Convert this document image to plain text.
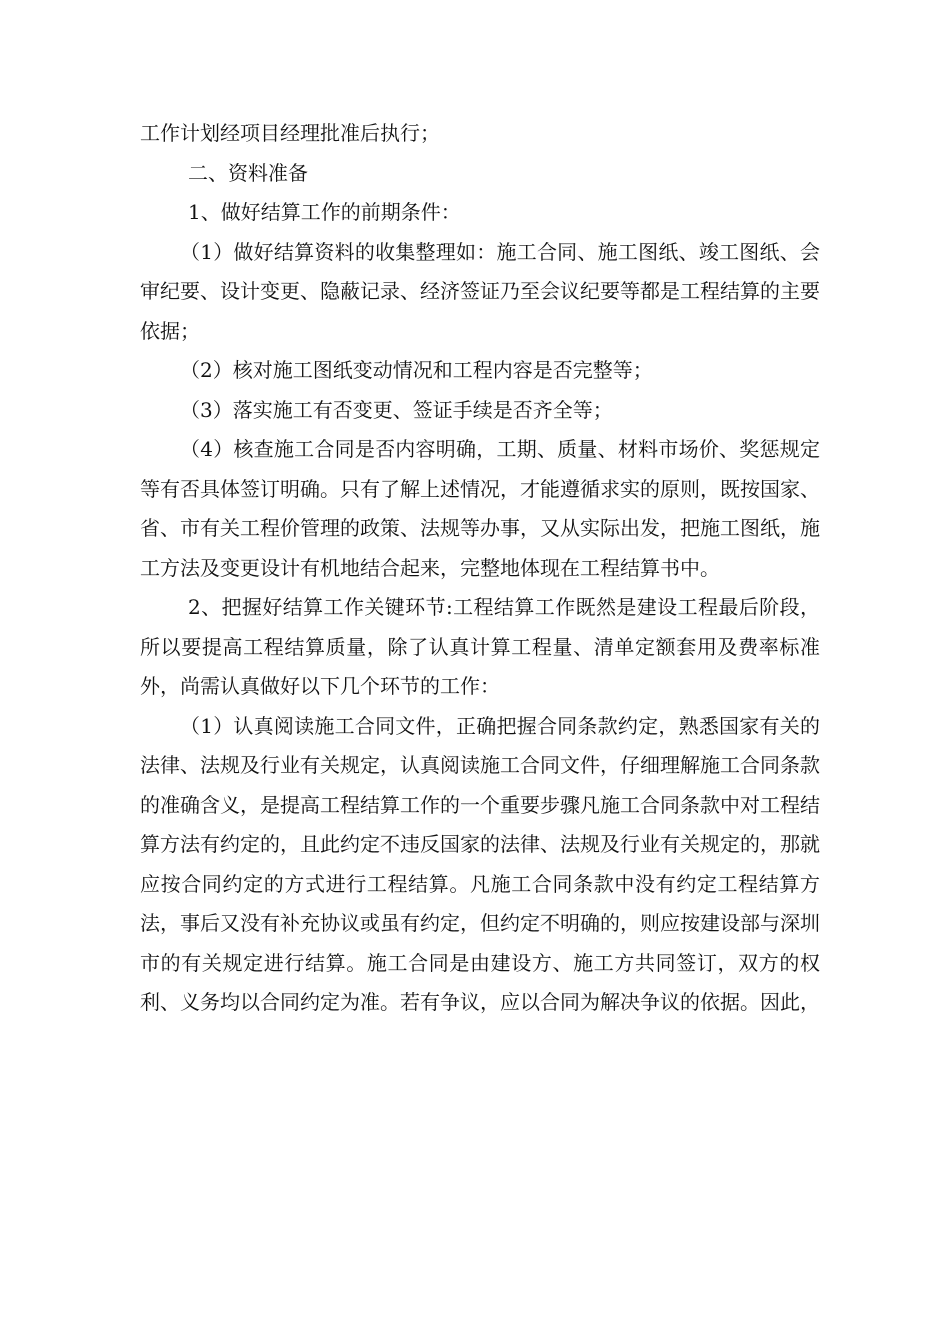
工作计划经项目经理批准后执行；

二、资料准备

1、做好结算工作的前期条件：

（1）做好结算资料的收集整理如：施工合同、施工图纸、竣工图纸、会审纪要、设计变更、隐蔽记录、经济签证乃至会议纪要等都是工程结算的主要依据；

（2）核对施工图纸变动情况和工程内容是否完整等；

（3）落实施工有否变更、签证手续是否齐全等；

（4）核查施工合同是否内容明确，工期、质量、材料市场价、奖惩规定等有否具体签订明确。只有了解上述情况，才能遵循求实的原则，既按国家、省、市有关工程价管理的政策、法规等办事，又从实际出发，把施工图纸，施工方法及变更设计有机地结合起来，完整地体现在工程结算书中。

2、把握好结算工作关键环节:工程结算工作既然是建设工程最后阶段，所以要提高工程结算质量，除了认真计算工程量、清单定额套用及费率标准外，尚需认真做好以下几个环节的工作：

（1）认真阅读施工合同文件，正确把握合同条款约定，熟悉国家有关的法律、法规及行业有关规定，认真阅读施工合同文件，仔细理解施工合同条款的准确含义，是提高工程结算工作的一个重要步骤凡施工合同条款中对工程结算方法有约定的，且此约定不违反国家的法律、法规及行业有关规定的，那就应按合同约定的方式进行工程结算。凡施工合同条款中没有约定工程结算方法，事后又没有补充协议或虽有约定，但约定不明确的，则应按建设部与深圳市的有关规定进行结算。施工合同是由建设方、施工方共同签订，双方的权利、义务均以合同约定为准。若有争议，应以合同为解决争议的依据。因此，
